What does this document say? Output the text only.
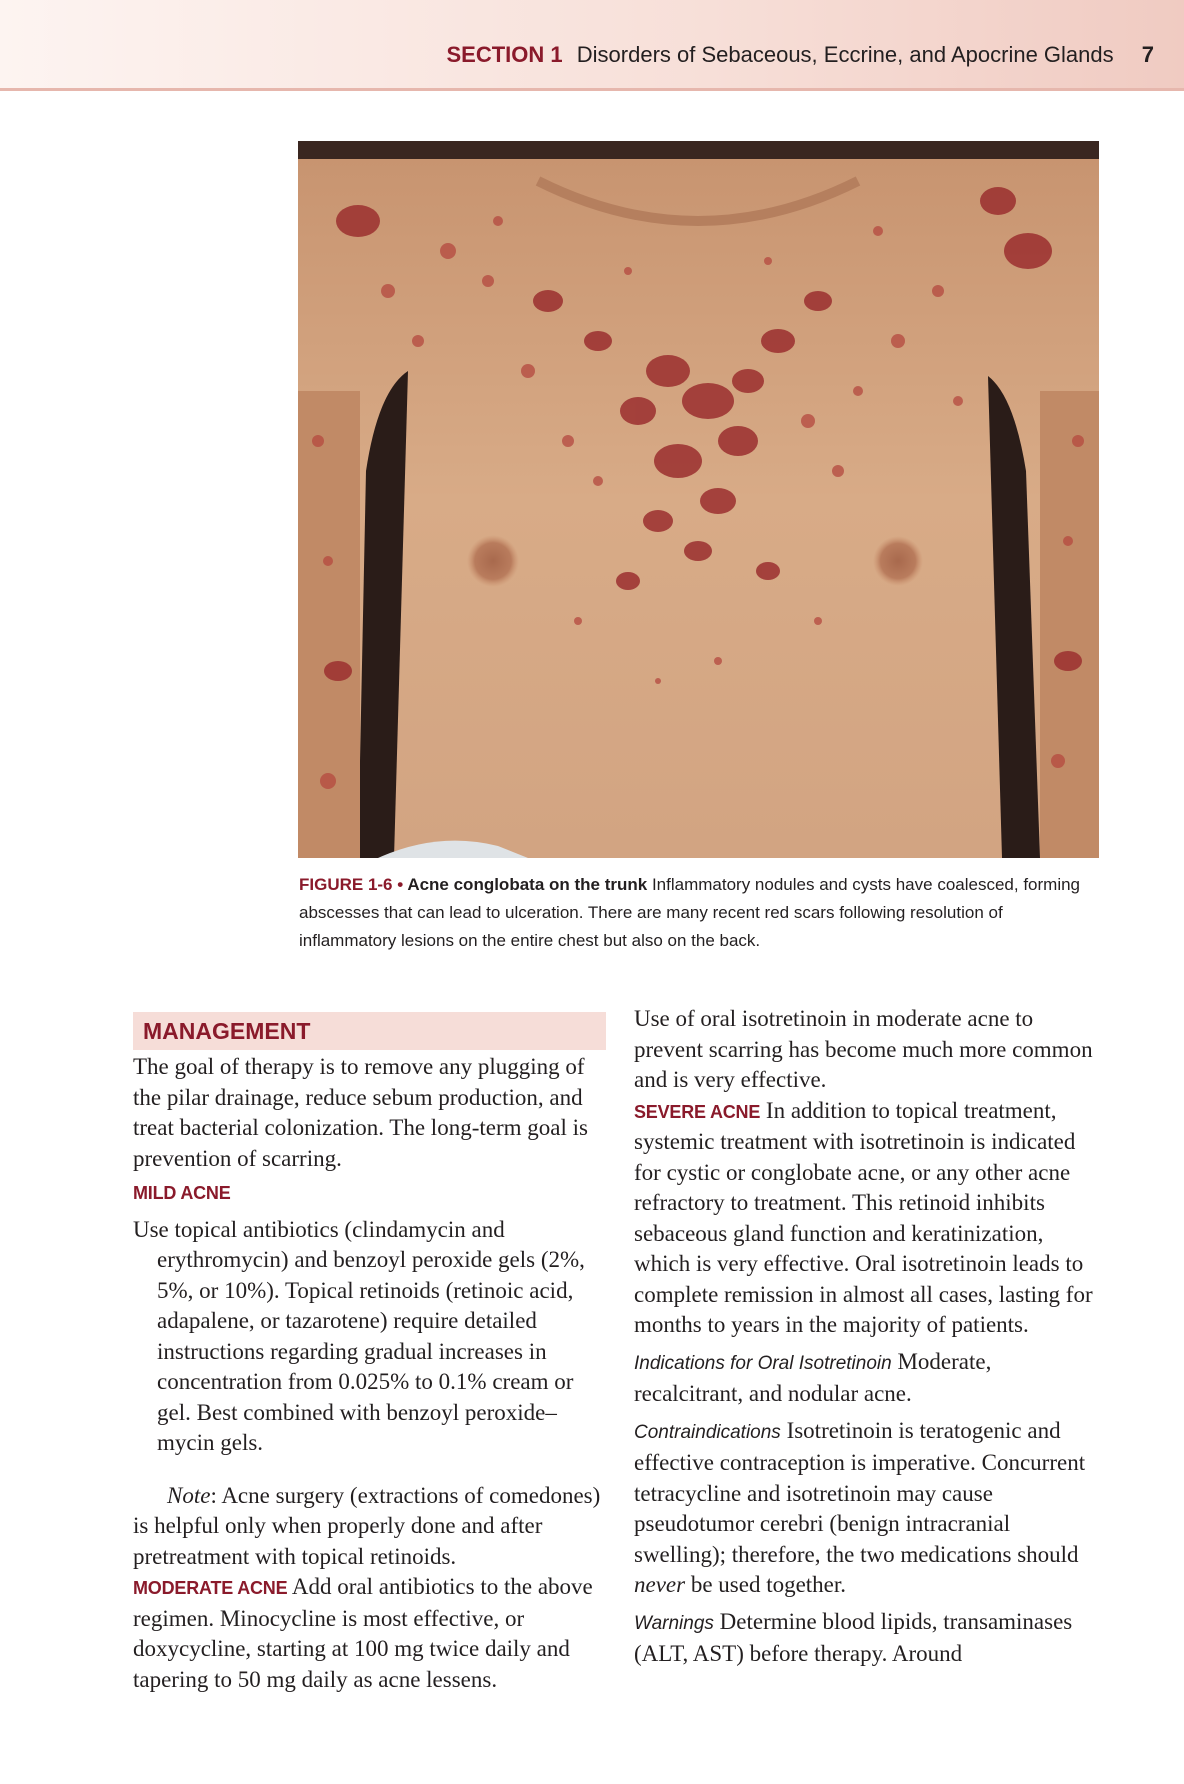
SECTION 1 Disorders of Sebaceous, Eccrine, and Apocrine Glands 7
FIGURE 1-6 • Acne conglobata on the trunk Inflammatory nodules and cysts have coalesced, forming abscesses that can lead to ulceration. There are many recent red scars following resolution of inflammatory lesions on the entire chest but also on the back.
MANAGEMENT

The goal of therapy is to remove any plugging of the pilar drainage, reduce sebum production, and treat bacterial colonization. The long-term goal is prevention of scarring.

MILD ACNE

Use topical antibiotics (clindamycin and erythromycin) and benzoyl peroxide gels (2%, 5%, or 10%). Topical retinoids (retinoic acid, adapalene, or tazarotene) require detailed instructions regarding gradual increases in concentration from 0.025% to 0.1% cream or gel. Best combined with benzoyl peroxide–mycin gels.

Note: Acne surgery (extractions of comedones) is helpful only when properly done and after pretreatment with topical retinoids.

MODERATE ACNE Add oral antibiotics to the above regimen. Minocycline is most effective, or doxycycline, starting at 100 mg twice daily and tapering to 50 mg daily as acne lessens.

Use of oral isotretinoin in moderate acne to prevent scarring has become much more common and is very effective.

SEVERE ACNE In addition to topical treatment, systemic treatment with isotretinoin is indicated for cystic or conglobate acne, or any other acne refractory to treatment. This retinoid inhibits sebaceous gland function and keratinization, which is very effective. Oral isotretinoin leads to complete remission in almost all cases, lasting for months to years in the majority of patients.

Indications for Oral Isotretinoin Moderate, recalcitrant, and nodular acne.

Contraindications Isotretinoin is teratogenic and effective contraception is imperative. Concurrent tetracycline and isotretinoin may cause pseudotumor cerebri (benign intracranial swelling); therefore, the two medications should never be used together.

Warnings Determine blood lipids, transaminases (ALT, AST) before therapy. Around
